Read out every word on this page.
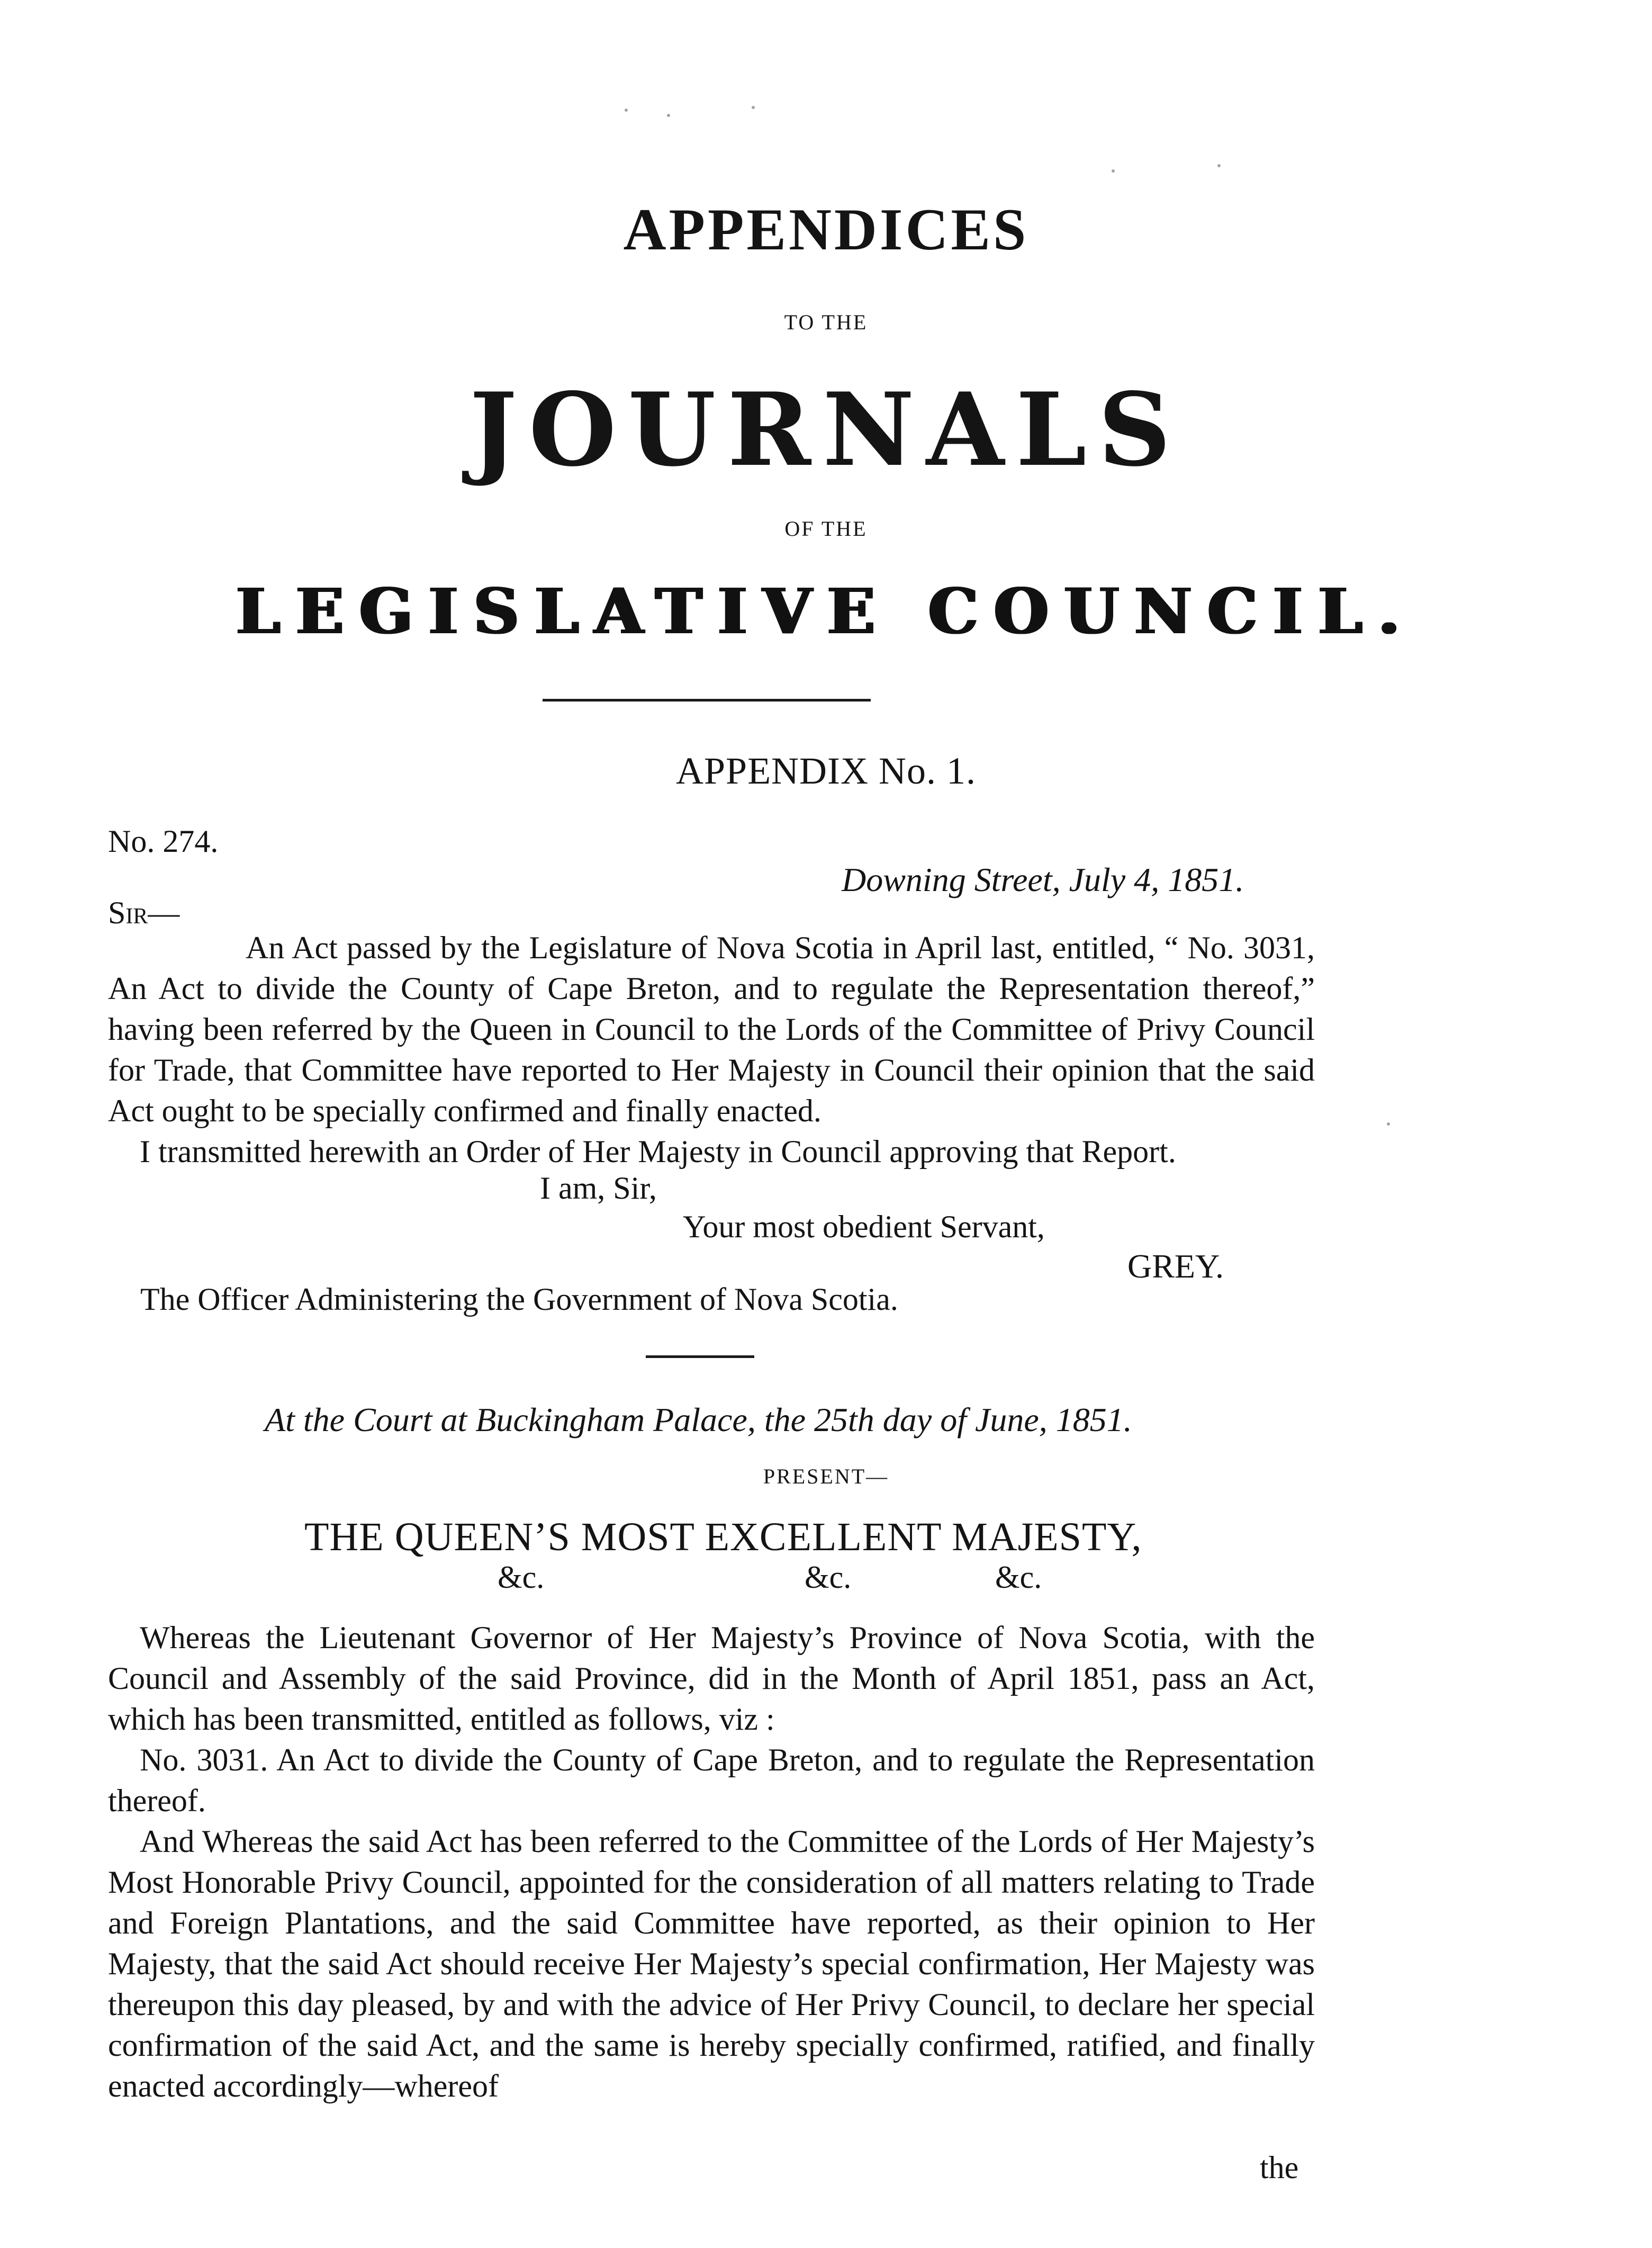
APPENDICES
TO THE
JOURNALS
OF THE
LEGISLATIVE COUNCIL.
APPENDIX No. 1.
No. 274.
Downing Street, July 4, 1851.
Sir—
An Act passed by the Legislature of Nova Scotia in April last, entitled, “ No. 3031, An Act to divide the County of Cape Breton, and to regulate the Representation thereof,” having been referred by the Queen in Council to the Lords of the Committee of Privy Council for Trade, that Committee have reported to Her Majesty in Council their opinion that the said Act ought to be specially confirmed and finally enacted.
I transmitted herewith an Order of Her Majesty in Council approving that Report.
I am, Sir,
Your most obedient Servant,
GREY.
The Officer Administering the Government of Nova Scotia.
At the Court at Buckingham Palace, the 25th day of June, 1851.
PRESENT—
THE QUEEN’S MOST EXCELLENT MAJESTY,
&c.	&c.	&c.
Whereas the Lieutenant Governor of Her Majesty’s Province of Nova Scotia, with the Council and Assembly of the said Province, did in the Month of April 1851, pass an Act, which has been transmitted, entitled as follows, viz :
No. 3031. An Act to divide the County of Cape Breton, and to regulate the Representation thereof.
And Whereas the said Act has been referred to the Committee of the Lords of Her Majesty’s Most Honorable Privy Council, appointed for the consideration of all matters relating to Trade and Foreign Plantations, and the said Committee have reported, as their opinion to Her Majesty, that the said Act should receive Her Majesty’s special confirmation, Her Majesty was thereupon this day pleased, by and with the advice of Her Privy Council, to declare her special confirmation of the said Act, and the same is hereby specially confirmed, ratified, and finally enacted accordingly—whereof
the
